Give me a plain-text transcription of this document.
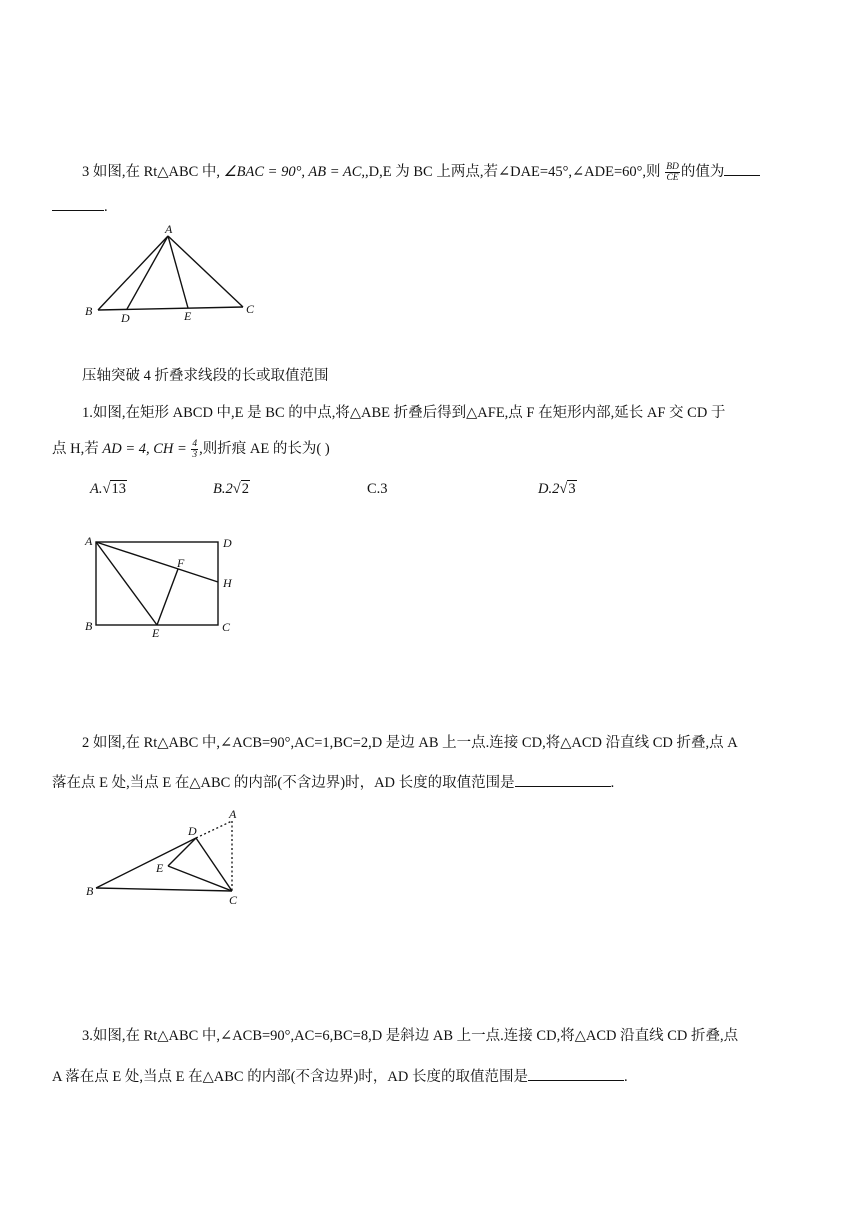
3 如图,在 Rt△ABC 中, ∠BAC = 90°, AB = AC,,D,E 为 BC 上两点,若∠DAE=45°,∠ADE=60°,则 $\frac{BD}{CE}$ 的值为
.
A
B	C
D	E
压轴突破 4 折叠求线段的长或取值范围
1.如图,在矩形 ABCD 中,E 是 BC 的中点,将△ABE 折叠后得到△AFE,点 F 在矩形内部,延长 AF 交 CD 于
点 H,若 AD = 4, CH = $\frac{4}{3}$ ,则折痕 AE 的长为( )
A.√13	B.2√2	C.3	D.2√3
A	D
F
H
B	E	C
2 如图,在 Rt△ABC 中,∠ACB=90°,AC=1,BC=2,D 是边 AB 上一点.连接 CD,将△ACD 沿直线 CD 折叠,点 A
落在点 E 处,当点 E 在△ABC 的内部(不含边界)时，AD 长度的取值范围是	.
A
D
E
B
C
3.如图,在 Rt△ABC 中,∠ACB=90°,AC=6,BC=8,D 是斜边 AB 上一点.连接 CD,将△ACD 沿直线 CD 折叠,点
A 落在点 E 处,当点 E 在△ABC 的内部(不含边界)时，AD 长度的取值范围是	.
